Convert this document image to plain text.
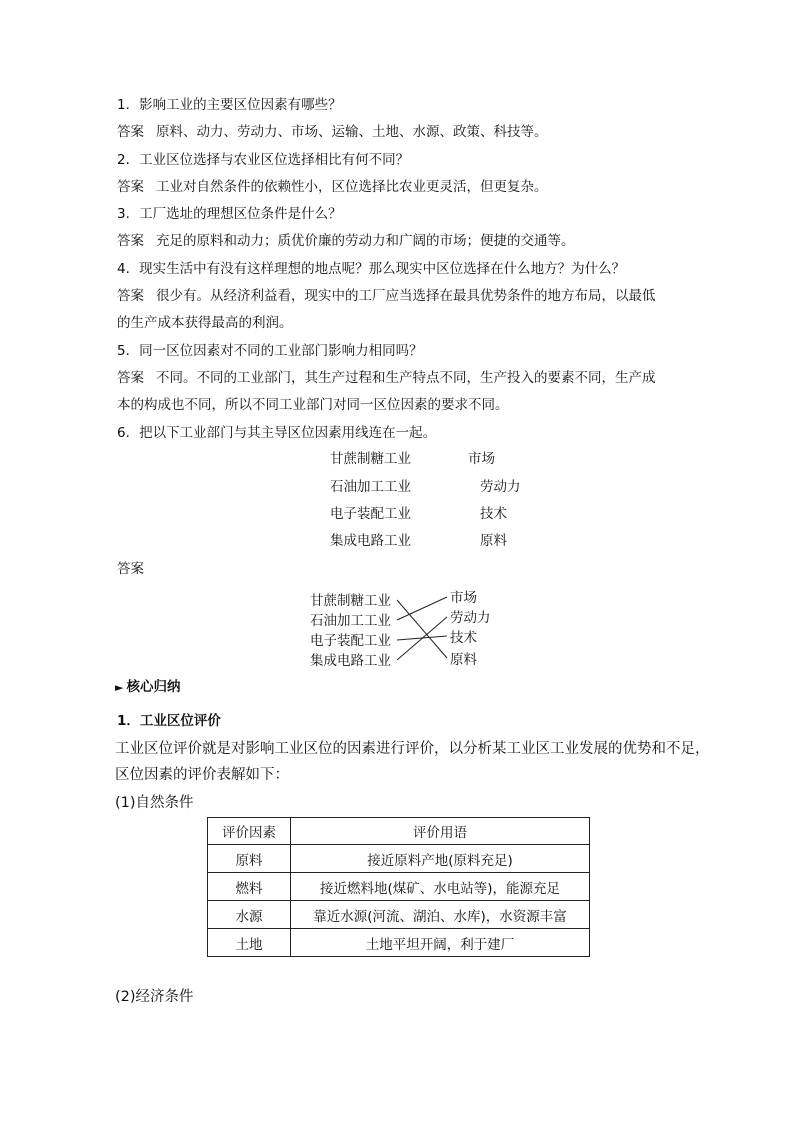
1．影响工业的主要区位因素有哪些？
答案 原料、动力、劳动力、市场、运输、土地、水源、政策、科技等。
2．工业区位选择与农业区位选择相比有何不同？
答案 工业对自然条件的依赖性小，区位选择比农业更灵活，但更复杂。
3．工厂选址的理想区位条件是什么？
答案 充足的原料和动力；质优价廉的劳动力和广阔的市场；便捷的交通等。
4．现实生活中有没有这样理想的地点呢？那么现实中区位选择在什么地方？为什么？
答案 很少有。从经济利益看，现实中的工厂应当选择在最具优势条件的地方布局，以最低
的生产成本获得最高的利润。
5．同一区位因素对不同的工业部门影响力相同吗？
答案 不同。不同的工业部门，其生产过程和生产特点不同，生产投入的要素不同，生产成
本的构成也不同，所以不同工业部门对同一区位因素的要求不同。
6．把以下工业部门与其主导区位因素用线连在一起。
甘蔗制糖工业	市场
石油加工工业	劳动力
电子装配工业	技术
集成电路工业	原料
答案
甘蔗制糖工业
石油加工工业
电子装配工业
集成电路工业
市场
劳动力
技术
原料
► 核心归纳
1．工业区位评价
工业区位评价就是对影响工业区位的因素进行评价，以分析某工业区工业发展的优势和不足，
区位因素的评价表解如下：
(1)自然条件
评价因素	评价用语
原料	接近原料产地(原料充足)
燃料	接近燃料地(煤矿、水电站等)，能源充足
水源	靠近水源(河流、湖泊、水库)，水资源丰富
土地	土地平坦开阔，利于建厂
(2)经济条件
